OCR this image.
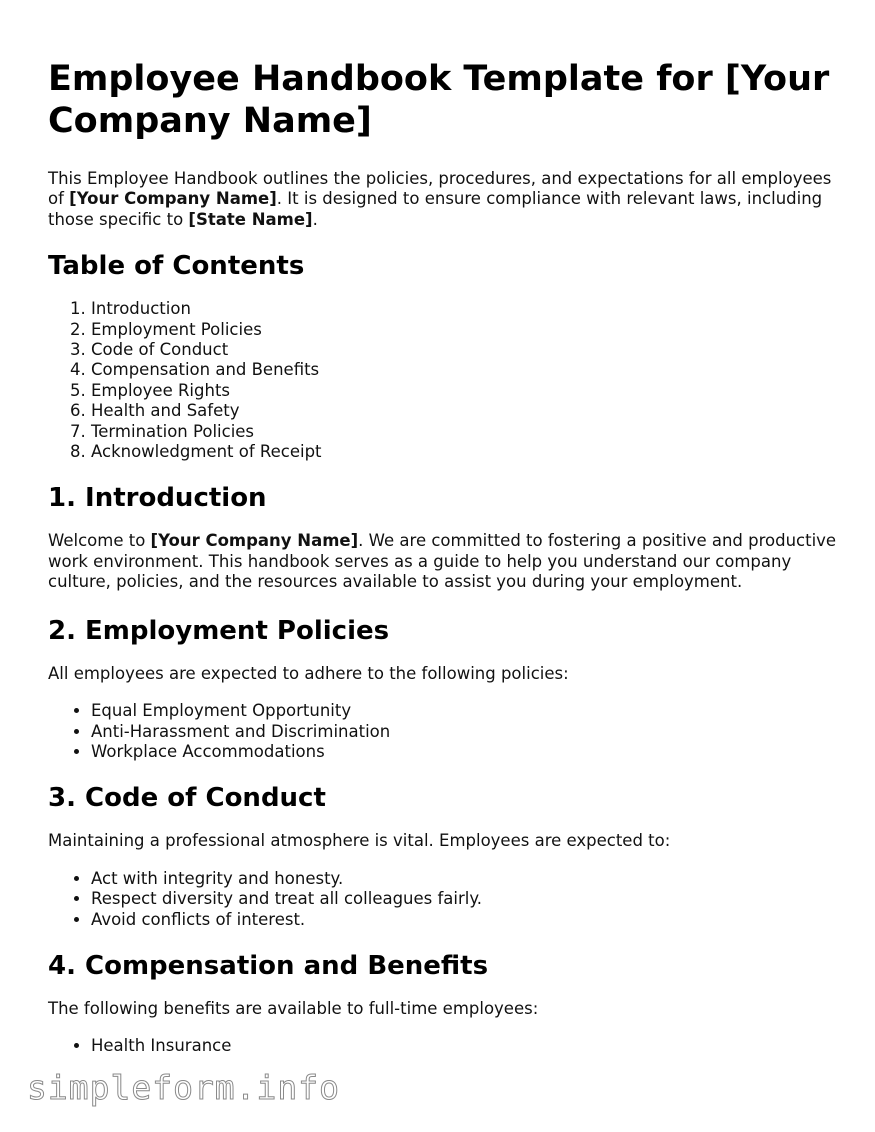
Employee Handbook Template for [Your Company Name]

This Employee Handbook outlines the policies, procedures, and expectations for all employees of [Your Company Name]. It is designed to ensure compliance with relevant laws, including those specific to [State Name].

Table of Contents
1. Introduction
2. Employment Policies
3. Code of Conduct
4. Compensation and Benefits
5. Employee Rights
6. Health and Safety
7. Termination Policies
8. Acknowledgment of Receipt
1. Introduction

Welcome to [Your Company Name]. We are committed to fostering a positive and productive work environment. This handbook serves as a guide to help you understand our company culture, policies, and the resources available to assist you during your employment.

2. Employment Policies

All employees are expected to adhere to the following policies:

• Equal Employment Opportunity
• Anti-Harassment and Discrimination
• Workplace Accommodations
3. Code of Conduct

Maintaining a professional atmosphere is vital. Employees are expected to:

• Act with integrity and honesty.
• Respect diversity and treat all colleagues fairly.
• Avoid conflicts of interest.
4. Compensation and Benefits

The following benefits are available to full-time employees:

• Health Insurance
simpleform.info
